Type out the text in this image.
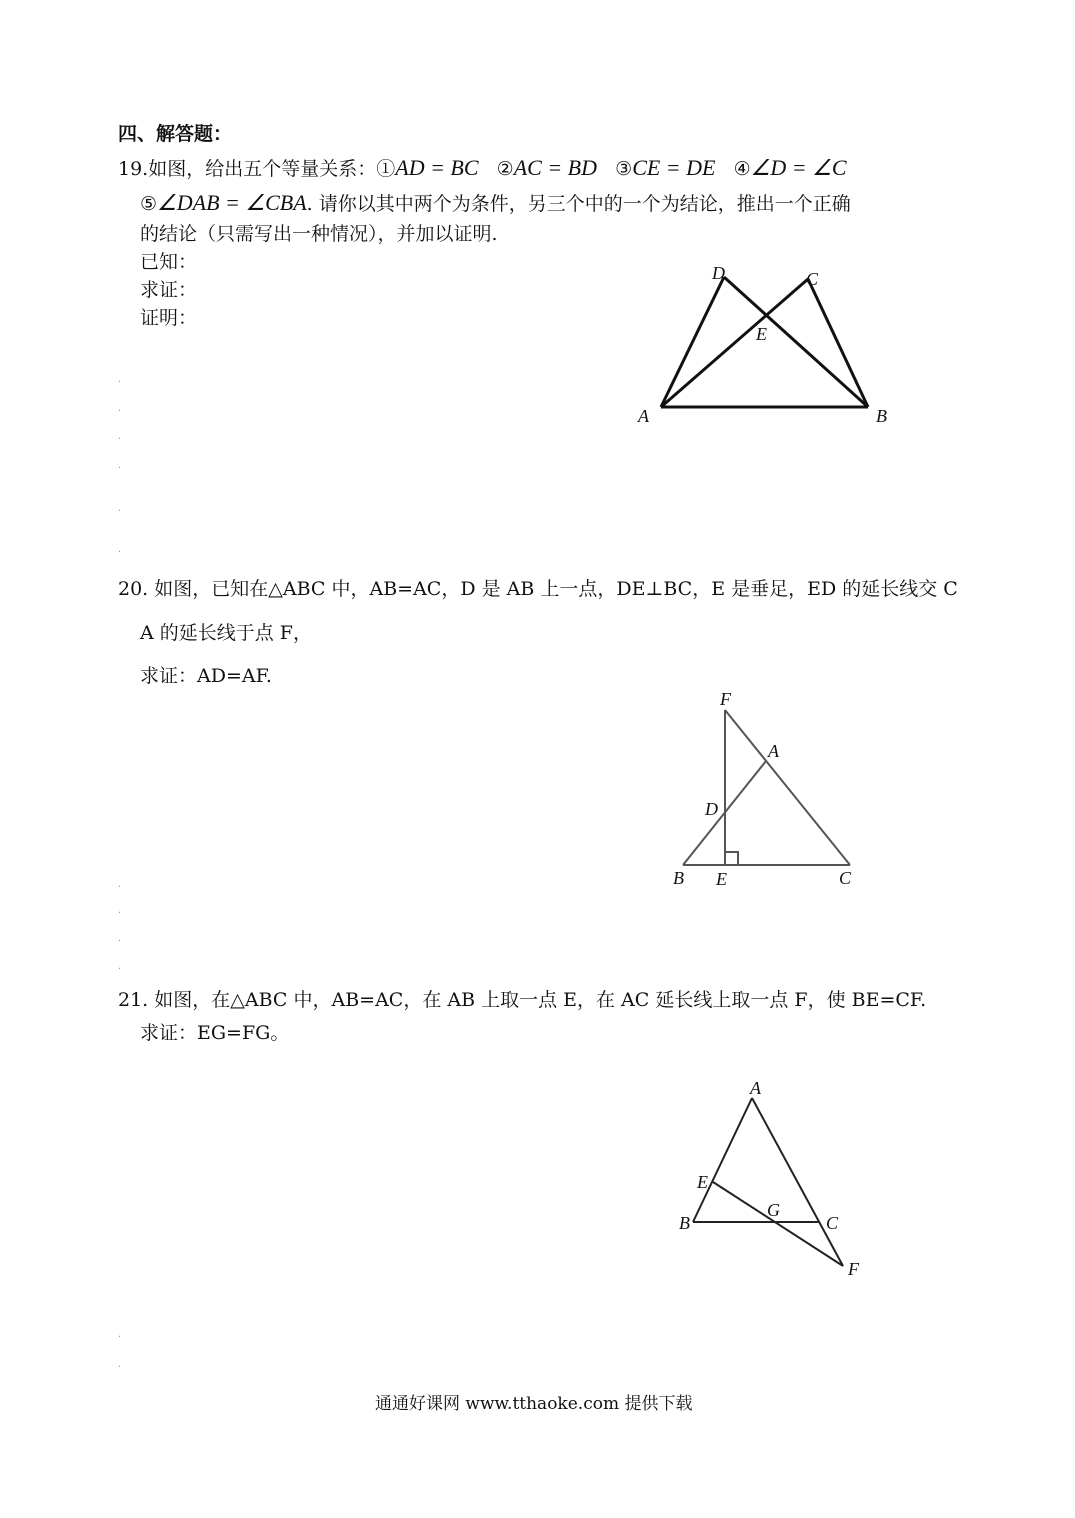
四、解答题：
19.如图，给出五个等量关系：①AD = BC ②AC = BD ③CE = DE ④∠D = ∠C
⑤∠DAB = ∠CBA. 请你以其中两个为条件，另三个中的一个为结论，推出一个正确
的结论（只需写出一种情况），并加以证明.
已知：
求证：
证明：
D	C
E
A	B
.
.
.
.
.
.
20. 如图，已知在△ABC 中，AB=AC，D 是 AB 上一点，DE⊥BC，E 是垂足，ED 的延长线交 C
A 的延长线于点 F，
求证：AD=AF.
F
A
D
B E	C
.
.
.
.
21. 如图，在△ABC 中，AB=AC，在 AB 上取一点 E，在 AC 延长线上取一点 F，使 BE=CF.
求证：EG=FG。
A
E
B
G
C
F
.
.
通通好课网 www.tthaoke.com 提供下载
